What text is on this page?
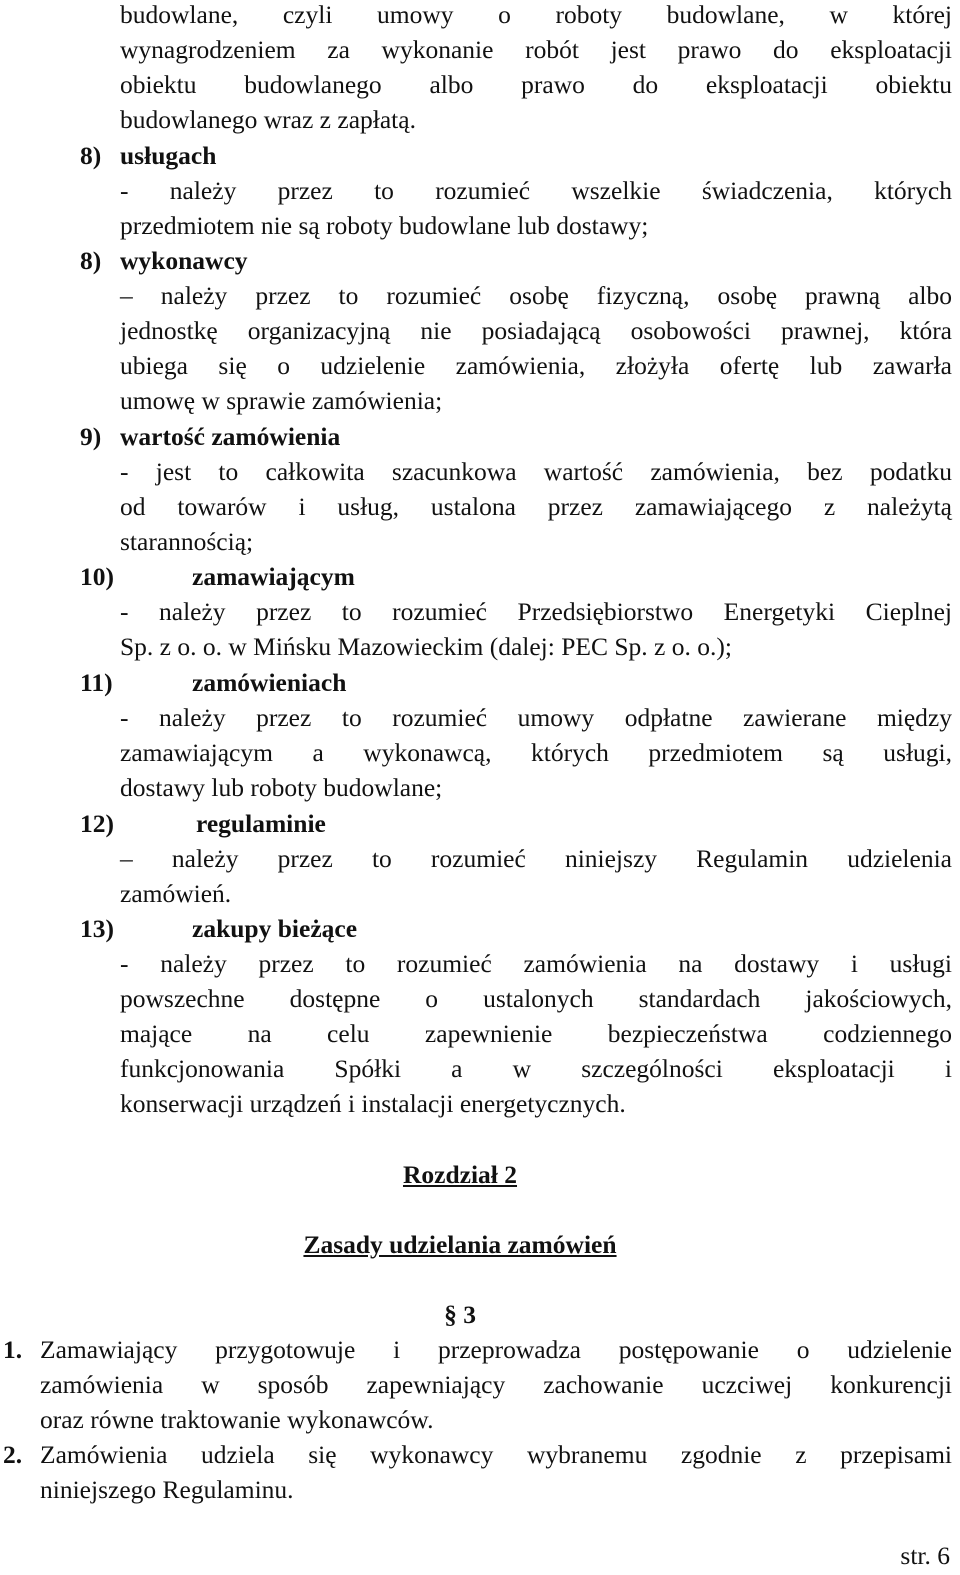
budowlane, czyli umowy o roboty budowlane, w której
wynagrodzeniem za wykonanie robót jest prawo do eksploatacji
obiektu budowlanego albo prawo do eksploatacji obiektu
budowlanego wraz z zapłatą.
8) usługach
- należy przez to rozumieć wszelkie świadczenia, których
przedmiotem nie są roboty budowlane lub dostawy;
8) wykonawcy
– należy przez to rozumieć osobę fizyczną, osobę prawną albo
jednostkę organizacyjną nie posiadającą osobowości prawnej, która
ubiega się o udzielenie zamówienia, złożyła ofertę lub zawarła
umowę w sprawie zamówienia;
9) wartość zamówienia
- jest to całkowita szacunkowa wartość zamówienia, bez podatku
od towarów i usług, ustalona przez zamawiającego z należytą
starannością;
10)	zamawiającym
- należy przez to rozumieć Przedsiębiorstwo Energetyki Cieplnej
Sp. z o. o. w Mińsku Mazowieckim (dalej: PEC Sp. z o. o.);
11)	zamówieniach
- należy przez to rozumieć umowy odpłatne zawierane między
zamawiającym a wykonawcą, których przedmiotem są usługi,
dostawy lub roboty budowlane;
12)	regulaminie
– należy przez to rozumieć niniejszy Regulamin udzielenia
zamówień.
13)	zakupy bieżące
- należy przez to rozumieć zamówienia na dostawy i usługi
powszechne dostępne o ustalonych standardach jakościowych,
mające na celu zapewnienie bezpieczeństwa codziennego
funkcjonowania Spółki a w szczególności eksploatacji i
konserwacji urządzeń i instalacji energetycznych.
Rozdział 2
Zasady udzielania zamówień
§ 3
1. Zamawiający przygotowuje i przeprowadza postępowanie o udzielenie
zamówienia w sposób zapewniający zachowanie uczciwej konkurencji
oraz równe traktowanie wykonawców.
2. Zamówienia udziela się wykonawcy wybranemu zgodnie z przepisami
niniejszego Regulaminu.
str. 6
